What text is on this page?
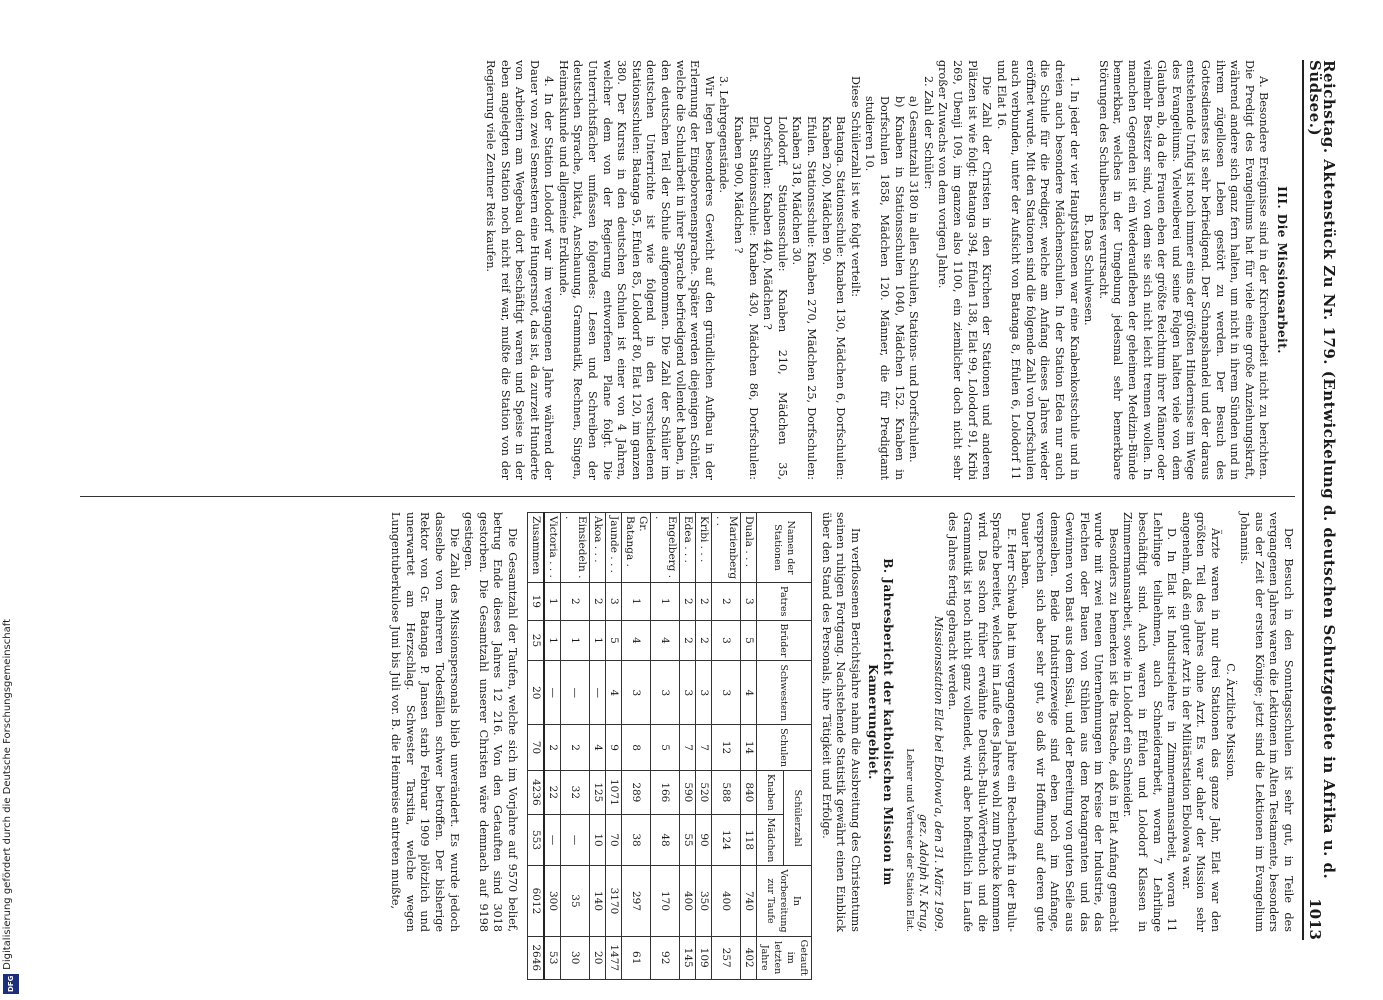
Digitalisierung gefördert durch die Deutsche Forschungsgemeinschaft
DFG
Reichstag. Aktenstück Zu Nr. 179. (Entwickelung d. deutschen Schutzgebiete in Afrika u. d. Südsee.)
1013
III. Die Missionsarbeit.

A. Besondere Ereignisse sind in der Kirchenarbeit nicht zu berichten. Die Predigt des Evangeliums hat für viele eine große Anziehungskraft, während andere sich ganz fern halten, um nicht in ihrem Sünden und in ihrem zügellosen Leben gestört zu werden. Der Besuch des Gottesdienstes ist sehr befriedigend. Der Schnapshandel und der daraus entstehende Unfug ist noch immer eins der größten Hindernisse im Wege des Evangeliums. Vielweiberei und seine Folgen halten viele von dem Glauben ab, da die Frauen eben der größte Reichtum ihrer Männer oder vielmehr Besitzer sind, von dem sie sich nicht leicht trennen wollen. In manchen Gegenden ist ein Wiederaufleben der geheimen Medizin-Bünde bemerkbar, welches in der Umgebung jedesmal sehr bemerkbare Störungen des Schulbesuches verursacht.

B. Das Schulwesen.

1. In jeder der vier Hauptstationen war eine Knabenkostschule und in dreien auch besondere Mädchenschulen. In der Station Edea nur auch die Schule für die Prediger, welche am Anfang dieses Jahres wieder eröffnet wurde. Mit den Stationen sind die folgende Zahl von Dorfschulen auch verbunden, unter der Aufsicht von Batanga 8, Efulen 6, Lolodorf 11 und Elat 16.

Die Zahl der Christen in den Kirchen der Stationen und anderen Plätzen ist wie folgt: Batanga 394, Efulen 138, Elat 99, Lolodorf 91, Kribi 269, Ubenji 109, im ganzen also 1100, ein ziemlicher doch nicht sehr großer Zuwachs von dem vorigen Jahre.

2. Zahl der Schüler:

a) Gesamtzahl 3180 in allen Schulen, Stations- und Dorfschulen.

b) Knaben in Stationsschulen 1040, Mädchen 152. Knaben in Dorfschulen 1858, Mädchen 120. Männer, die für Predigtamt studieren 10.

Diese Schülerzahl ist wie folgt verteilt:

Batanga. Stationsschule: Knaben 130, Mädchen 6, Dorfschulen: Knaben 200, Mädchen 90.

Efulen. Stationsschule: Knaben 270, Mädchen 25, Dorfschulen: Knaben 318, Mädchen 30.

Lolodorf. Stationsschule: Knaben 210, Mädchen 35, Dorfschulen: Knaben 440, Mädchen ?

Elat. Stationsschule: Knaben 430, Mädchen 86, Dorfschulen: Knaben 900, Mädchen ?

3. Lehrgegenstände.

Wir legen besonderes Gewicht auf den gründlichen Aufbau in der Erlernung der Eingeborenensprache. Später werden diejenigen Schüler, welche die Schularbeit in ihrer Sprache befriedigend vollendet haben, in den deutschen Teil der Schule aufgenommen. Die Zahl der Schüler im deutschen Unterrichte ist wie folgend in den verschiedenen Stationsschulen: Batanga 95, Efulen 85, Lolodorf 80, Elat 120, im ganzen 380. Der Kursus in den deutschen Schulen ist einer von 4 Jahren, welcher dem von der Regierung entworfenen Plane folgt. Die Unterrichtsfächer umfassen folgendes: Lesen und Schreiben der deutschen Sprache, Diktat, Anschauung, Grammatik, Rechnen, Singen, Heimatskunde und allgemeine Erdkunde.

4. In der Station Lolodorf war im vergangenen Jahre während der Dauer von zwei Semestern eine Hungersnot, das ist, da zurzeit Hunderte von Arbeitern am Wegebau dort beschäftigt waren und Speise in der eben angelegten Station noch nicht reif war, mußte die Station von der Regierung viele Zentner Reis kaufen.

Der Besuch in den Sonntagsschulen ist sehr gut, in Teile des vergangenen Jahres waren die Lektionen im Alten Testamente, besonders aus der Zeit der ersten Könige; jetzt sind die Lektionen im Evangelium Johannis.

C. Ärztliche Mission.

Ärzte waren in nur drei Stationen das ganze Jahr, Elat war den größten Teil des Jahres ohne Arzt. Es war daher der Mission sehr angenehm, daß ein guter Arzt in der Militärstation Ebolowa'a war.

D. In Elat ist Industrielehre in Zimmermannsarbeit, woran 11 Lehrlinge teilnehmen, auch Schneiderarbeit, woran 7 Lehrlinge beschäftigt sind. Auch waren in Efulen und Lolodorf Klassen in Zimmermannsarbeit, sowie in Lolodorf ein Schneider.

Besonders zu bemerken ist die Tatsache, daß in Elat Anfang gemacht wurde mit zwei neuen Unternehmungen im Kreise der Industrie, das Flechten oder Bauen von Stühlen aus dem Rotangranten und das Gewinnen von Bast aus dem Sisal, und der Bereitung von guten Seile aus demselben. Beide Industriezweige sind eben noch im Anfange, versprechen sich aber sehr gut, so daß wir Hoffnung auf deren gute Dauer haben.

E. Herr Schwab hat im vergangenen Jahre ein Rechenheft in der Bulu-Sprache bereitet, welches im Laufe des Jahres wohl zum Drucke kommen wird. Das schon früher erwähnte Deutsch-Bulu-Wörterbuch und die Grammatik ist noch nicht ganz vollendet, wird aber hoffentlich im Laufe des Jahres fertig gebracht werden.

Missionsstation Elat bei Ebolowa'a, den 31. März 1909.

gez. Adolph N. Krug,

Lehrer und Vertreter der Station Elat.

B. Jahresbericht der katholischen Mission im Kamerungebiet.

Im verflossenen Berichtsjahre nahm die Ausbreitung des Christentums seinen ruhigen Fortgang. Nachstehende Statistik gewährt einen Einblick über den Stand des Personals, ihre Tätigkeit und Erfolge.

Namen der Stationen	Patres	Brüder	Schwestern	Schulen	Schülerzahl		In Vorbereitung zur Taufe	Getauft im letzten Jahre
					Knaben	Mädchen		
Duala . . .	3	5	4	14	840	118	740	402
Marienberg . .	2	3	3	12	588	124	400	257
Kribi . . .	2	2	3	7	520	90	350	109
Edea . . .	2	2	3	7	590	55	400	145
Engelberg . .	1	4	3	5	166	48	170	92
Gr. Batanga .	1	4	3	8	289	38	297	61
Jaunde . . .	3	5	4	9	1071	70	3170	1477
Akoa . . .	2	1	—	4	125	10	140	20
Einsiedeln . .	2	1	—	2	32	—	35	30
Victoria . . .	1	1	—	2	22	—	300	53
Zusammen	19	25	20	70	4236	553	6012	2646

Die Gesamtzahl der Taufen, welche sich im Vorjahre auf 9570 belief, betrug Ende dieses Jahres 12 216. Von den Getauften sind 3018 gestorben. Die Gesamtzahl unserer Christen wäre demnach auf 9198 gestiegen.

Die Zahl des Missionspersonals blieb unverändert. Es wurde jedoch dasselbe von mehreren Todesfällen schwer betroffen. Der bisherige Rektor von Gr. Batanga P. Jansen starb Februar 1909 plötzlich und unerwartet am Herzschlag. Schwester Tarsitia, welche wegen Lungentuberkulose Juni bis Juli vor. B. die Heimreise antreten mußte,
